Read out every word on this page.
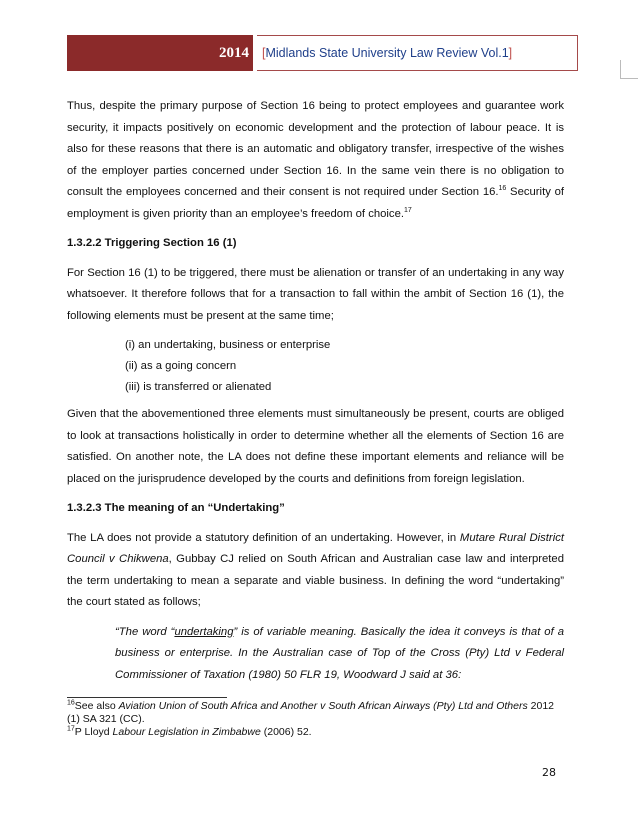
2014	[Midlands State University Law Review Vol.1]

Thus, despite the primary purpose of Section 16 being to protect employees and guarantee work security, it impacts positively on economic development and the protection of labour peace. It is also for these reasons that there is an automatic and obligatory transfer, irrespective of the wishes of the employer parties concerned under Section 16. In the same vein there is no obligation to consult the employees concerned and their consent is not required under Section 16.16 Security of employment is given priority than an employee’s freedom of choice.$^{17}$

1.3.2.2 Triggering Section 16 (1)

For Section 16 (1) to be triggered, there must be alienation or transfer of an undertaking in any way whatsoever. It therefore follows that for a transaction to fall within the ambit of Section 16 (1), the following elements must be present at the same time;

(i) an undertaking, business or enterprise
(ii) as a going concern
(iii) is transferred or alienated

Given that the abovementioned three elements must simultaneously be present, courts are obliged to look at transactions holistically in order to determine whether all the elements of Section 16 are satisfied. On another note, the LA does not define these important elements and reliance will be placed on the jurisprudence developed by the courts and definitions from foreign legislation.

1.3.2.3 The meaning of an “Undertaking”

The LA does not provide a statutory definition of an undertaking. However, in Mutare Rural District Council v Chikwena, Gubbay CJ relied on South African and Australian case law and interpreted the term undertaking to mean a separate and viable business. In defining the word “undertaking” the court stated as follows;

“The word “undertaking” is of variable meaning. Basically the idea it conveys is that of a business or enterprise. In the Australian case of Top of the Cross (Pty) Ltd v Federal Commissioner of Taxation (1980) 50 FLR 19, Woodward J said at 36:
$^{16}$See also Aviation Union of South Africa and Another v South African Airways (Pty) Ltd and Others 2012 (1) SA 321 (CC).
$^{17}$P Lloyd Labour Legislation in Zimbabwe (2006) 52.
28
